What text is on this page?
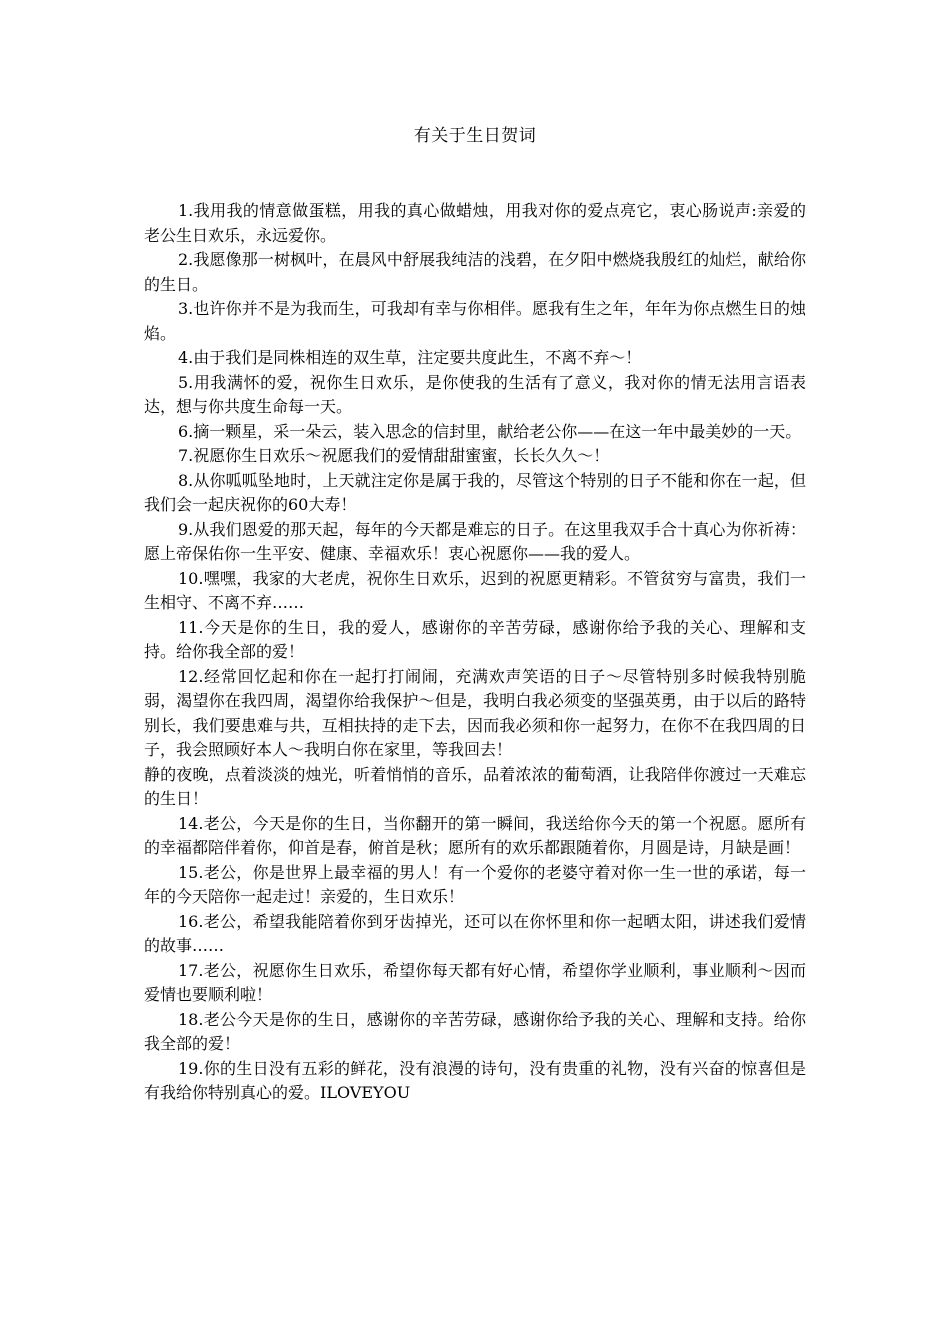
有关于生日贺词

1.我用我的情意做蛋糕，用我的真心做蜡烛，用我对你的爱点亮它，衷心肠说声:亲爱的老公生日欢乐，永远爱你。

2.我愿像那一树枫叶，在晨风中舒展我纯洁的浅碧，在夕阳中燃烧我殷红的灿烂，献给你的生日。

3.也许你并不是为我而生，可我却有幸与你相伴。愿我有生之年，年年为你点燃生日的烛焰。

4.由于我们是同株相连的双生草，注定要共度此生，不离不弃～！

5.用我满怀的爱，祝你生日欢乐，是你使我的生活有了意义，我对你的情无法用言语表达，想与你共度生命每一天。

6.摘一颗星，采一朵云，装入思念的信封里，献给老公你——在这一年中最美妙的一天。

7.祝愿你生日欢乐～祝愿我们的爱情甜甜蜜蜜，长长久久～！

8.从你呱呱坠地时，上天就注定你是属于我的，尽管这个特别的日子不能和你在一起，但我们会一起庆祝你的60大寿！

9.从我们恩爱的那天起，每年的今天都是难忘的日子。在这里我双手合十真心为你祈祷：愿上帝保佑你一生平安、健康、幸福欢乐！衷心祝愿你——我的爱人。

10.嘿嘿，我家的大老虎，祝你生日欢乐，迟到的祝愿更精彩。不管贫穷与富贵，我们一生相守、不离不弃……

11.今天是你的生日，我的爱人，感谢你的辛苦劳碌，感谢你给予我的关心、理解和支持。给你我全部的爱！

12.经常回忆起和你在一起打打闹闹，充满欢声笑语的日子～尽管特别多时候我特别脆弱，渴望你在我四周，渴望你给我保护～但是，我明白我必须变的坚强英勇，由于以后的路特别长，我们要患难与共，互相扶持的走下去，因而我必须和你一起努力，在你不在我四周的日子，我会照顾好本人～我明白你在家里，等我回去！

静的夜晚，点着淡淡的烛光，听着悄悄的音乐，品着浓浓的葡萄酒，让我陪伴你渡过一天难忘的生日！

14.老公，今天是你的生日，当你翻开的第一瞬间，我送给你今天的第一个祝愿。愿所有的幸福都陪伴着你，仰首是春，俯首是秋；愿所有的欢乐都跟随着你，月圆是诗，月缺是画！

15.老公，你是世界上最幸福的男人！有一个爱你的老婆守着对你一生一世的承诺，每一年的今天陪你一起走过！亲爱的，生日欢乐！

16.老公，希望我能陪着你到牙齿掉光，还可以在你怀里和你一起晒太阳，讲述我们爱情的故事……

17.老公，祝愿你生日欢乐，希望你每天都有好心情，希望你学业顺利，事业顺利～因而爱情也要顺利啦！

18.老公今天是你的生日，感谢你的辛苦劳碌，感谢你给予我的关心、理解和支持。给你我全部的爱！

19.你的生日没有五彩的鲜花，没有浪漫的诗句，没有贵重的礼物，没有兴奋的惊喜但是有我给你特别真心的爱。ILOVEYOU
